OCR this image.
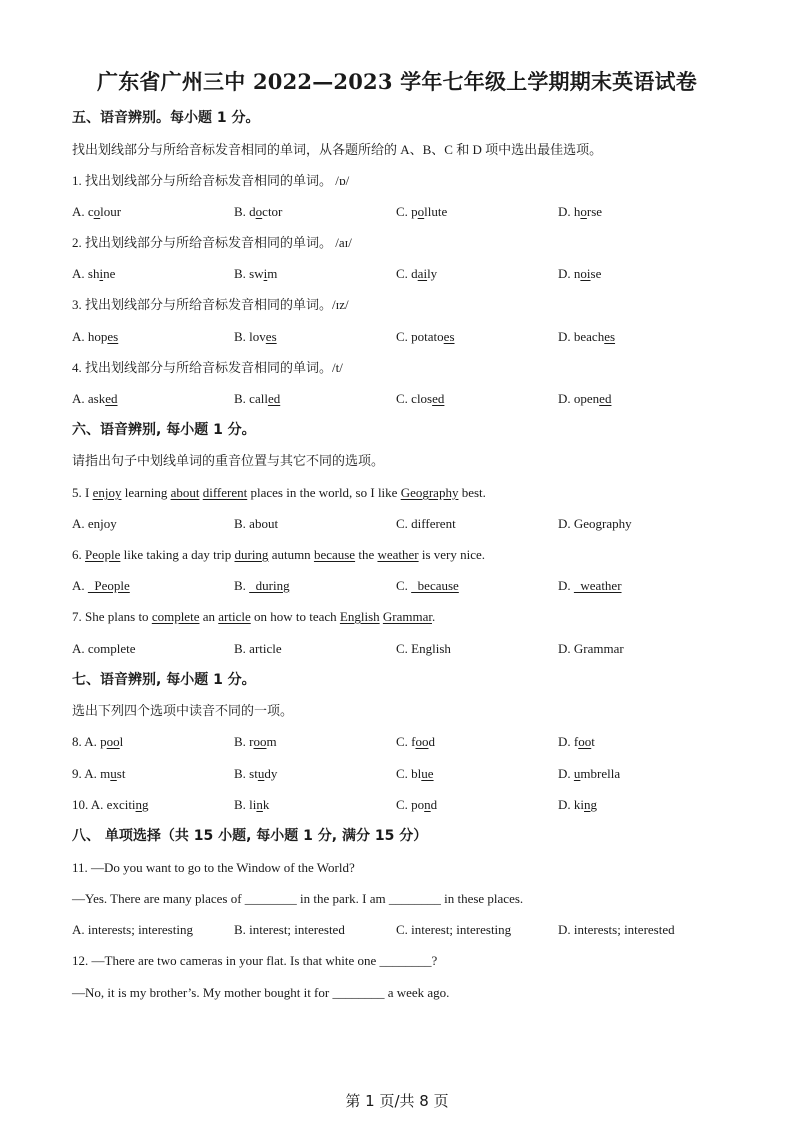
广东省广州三中 2022—2023 学年七年级上学期期末英语试卷
五、语音辨别。每小题 1 分。
找出划线部分与所给音标发音相同的单词，从各题所给的 A、B、C 和 D 项中选出最佳选项。
1. 找出划线部分与所给音标发音相同的单词。 /ɒ/
A. colour	B. doctor	C. pollute	D. horse
2. 找出划线部分与所给音标发音相同的单词。 /aɪ/
A. shine	B. swim	C. daily	D. noise
3. 找出划线部分与所给音标发音相同的单词。/ɪz/
A. hopes	B. loves	C. potatoes	D. beaches
4. 找出划线部分与所给音标发音相同的单词。/t/
A. asked	B. called	C. closed	D. opened
六、语音辨别, 每小题 1 分。
请指出句子中划线单词的重音位置与其它不同的选项。
5. I enjoy learning about different places in the world, so I like Geography best.
A. enjoy	B. about	C. different	D. Geography
6. People like taking a day trip during autumn because the weather is very nice.
A.   People	B.   during	C.   because	D.   weather
7. She plans to complete an article on how to teach English Grammar.
A. complete	B. article	C. English	D. Grammar
七、语音辨别, 每小题 1 分。
选出下列四个选项中读音不同的一项。
8. A. pool	B. room	C. food	D. foot
9. A. must	B. study	C. blue	D. umbrella
10. A. exciting	B. link	C. pond	D. king
八、 单项选择（共 15 小题, 每小题 1 分, 满分 15 分）
11. —Do you want to go to the Window of the World?
—Yes. There are many places of ________ in the park. I am ________ in these places.
A. interests; interesting	B. interest; interested	C. interest; interesting	D. interests; interested
12. —There are two cameras in your flat. Is that white one ________?
—No, it is my brother’s. My mother bought it for ________ a week ago.
第 1 页/共 8 页
